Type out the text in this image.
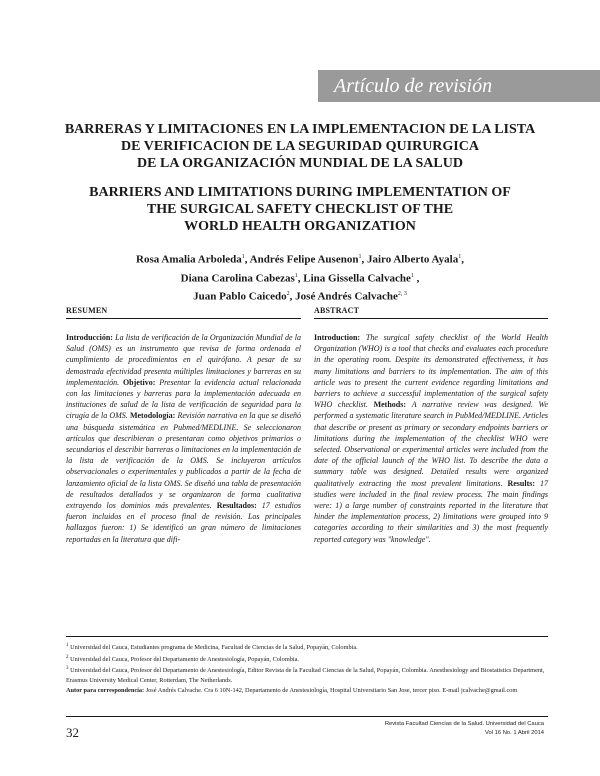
Artículo de revisión
BARRERAS Y LIMITACIONES EN LA IMPLEMENTACION DE LA LISTA
DE VERIFICACION DE LA SEGURIDAD QUIRURGICA
DE LA ORGANIZACIÓN MUNDIAL DE LA SALUD
BARRIERS AND LIMITATIONS DURING IMPLEMENTATION OF
THE SURGICAL SAFETY CHECKLIST OF THE
WORLD HEALTH ORGANIZATION
Rosa Amalia Arboleda$^1$, Andrés Felipe Ausenon$^1$, Jairo Alberto Ayala$^1$,
Diana Carolina Cabezas$^1$, Lina Gissella Calvache$^1$ ,
Juan Pablo Caicedo$^2$, José Andrés Calvache$^{2, 3}$
RESUMEN
Introducción: La lista de verificación de la Organización Mundial de la Salud (OMS) es un instrumento que revisa de forma ordenada el cumplimiento de procedimientos en el quirófano. A pesar de su demostrada efectividad presenta múltiples limitaciones y barreras en su implementación. Objetivo: Presentar la evidencia actual relacionada con las limitaciones y barreras para la implementación adecuada en instituciones de salud de la lista de verificación de seguridad para la cirugía de la OMS. Metodología: Revisión narrativa en la que se diseñó una búsqueda sistemática en Pubmed/MEDLINE. Se seleccionaron artículos que describieran o presentaran como objetivos primarios o secundarios el describir barreras o limitaciones en la implementación de la lista de verificación de la OMS. Se incluyeron artículos observacionales o experimentales y publicados a partir de la fecha de lanzamiento oficial de la lista OMS. Se diseñó una tabla de presentación de resultados detallados y se organizaron de forma cualitativa extrayendo los dominios más prevalentes. Resultados: 17 estudios fueron incluidos en el proceso final de revisión. Los principales hallazgos fueron: 1) Se identificó un gran número de limitaciones reportadas en la literatura que difi-
ABSTRACT
Introduction: The surgical safety checklist of the World Health Organization (WHO) is a tool that checks and evaluates each procedure in the operating room. Despite its demonstrated effectiveness, it has many limitations and barriers to its implementation. The aim of this article was to present the current evidence regarding limitations and barriers to achieve a successful implementation of the surgical safety WHO checklist. Methods: A narrative review was designed. We performed a systematic literature search in PubMed/MEDLINE. Articles that describe or present as primary or secondary endpoints barriers or limitations during the implementation of the checklist WHO were selected. Observational or experimental articles were included from the date of the official launch of the WHO list. To describe the data a summary table was designed. Detailed results were organized qualitatively extracting the most prevalent limitations. Results: 17 studies were included in the final review process. The main findings were: 1) a large number of constraints reported in the literature that hinder the implementation process, 2) limitations were grouped into 9 categories according to their similarities and 3) the most frequently reported category was "knowledge".
$^1$ Universidad del Cauca, Estudiantes programa de Medicina, Facultad de Ciencias de la Salud, Popayán, Colombia.
$^2$ Universidad del Cauca, Profesor del Departamento de Anestesiología, Popayán, Colombia.
$^3$ Universidad del Cauca, Profesor del Departamento de Anestesiología, Editor Revista de la Facultad Ciencias de la Salud, Popayán, Colombia. Anesthesiology and Biostatistics Department, Erasmus University Medical Center, Rotterdam, The Netherlands.
Autor para correspondencia: José Andrés Calvache. Cra 6 10N-142, Departamento de Anestesiología, Hospital Universitario San Jose, tercer piso. E-mail jcalvache@gmail.com
32
Revista Facultad Ciencias de la Salud. Universidad del Cauca
Vol 16 No. 1 Abril 2014
